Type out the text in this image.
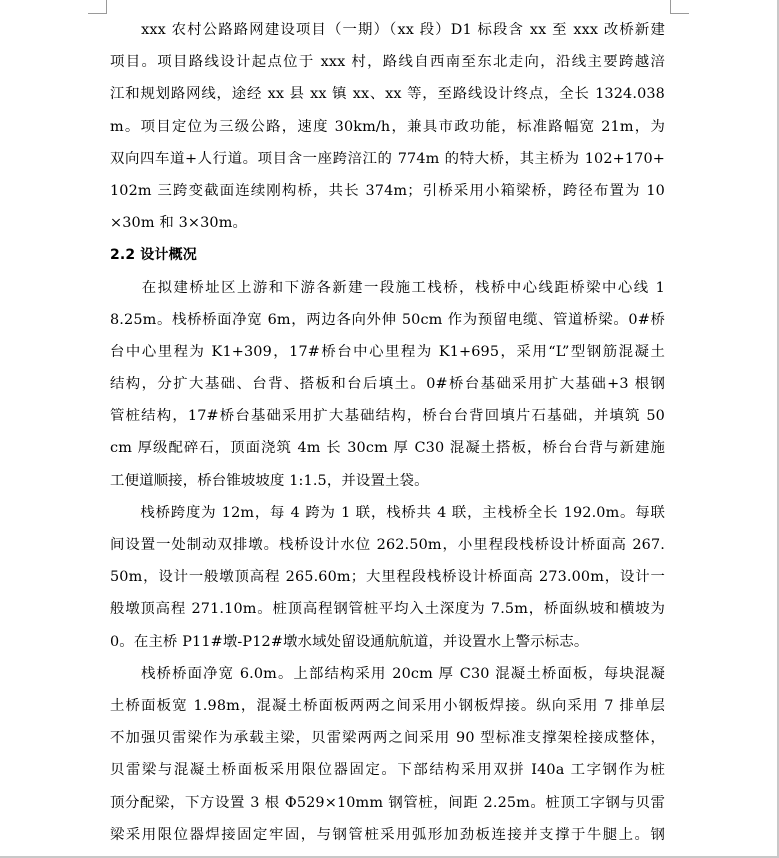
　　xxx 农村公路路网建设项目（一期）（xx 段）D1 标段含 xx 至 xxx 改桥新建
项目。项目路线设计起点位于 xxx 村，路线自西南至东北走向，沿线主要跨越涪
江和规划路网线，途经 xx 县 xx 镇 xx、xx 等，至路线设计终点，全长 1324.038
m。项目定位为三级公路，速度 30km/h，兼具市政功能，标准路幅宽 21m，为
双向四车道+人行道。项目含一座跨涪江的 774m 的特大桥，其主桥为 102+170+
102m 三跨变截面连续刚构桥，共长 374m；引桥采用小箱梁桥，跨径布置为 10
×30m 和 3×30m。
2.2 设计概况
　　在拟建桥址区上游和下游各新建一段施工栈桥，栈桥中心线距桥梁中心线 1
8.25m。栈桥桥面净宽 6m，两边各向外伸 50cm 作为预留电缆、管道桥梁。0#桥
台中心里程为 K1+309，17#桥台中心里程为 K1+695，采用“L”型钢筋混凝土
结构，分扩大基础、台背、搭板和台后填土。0#桥台基础采用扩大基础+3 根钢
管桩结构，17#桥台基础采用扩大基础结构，桥台台背回填片石基础，并填筑 50
cm 厚级配碎石，顶面浇筑 4m 长 30cm 厚 C30 混凝土搭板，桥台台背与新建施
工便道顺接，桥台锥坡坡度 1:1.5，并设置土袋。
　　栈桥跨度为 12m，每 4 跨为 1 联，栈桥共 4 联，主栈桥全长 192.0m。每联
间设置一处制动双排墩。栈桥设计水位 262.50m，小里程段栈桥设计桥面高 267.
50m，设计一般墩顶高程 265.60m；大里程段栈桥设计桥面高 273.00m，设计一
般墩顶高程 271.10m。桩顶高程钢管桩平均入土深度为 7.5m，桥面纵坡和横坡为
0。在主桥 P11#墩-P12#墩水域处留设通航航道，并设置水上警示标志。
　　栈桥桥面净宽 6.0m。上部结构采用 20cm 厚 C30 混凝土桥面板，每块混凝
土桥面板宽 1.98m，混凝土桥面板两两之间采用小钢板焊接。纵向采用 7 排单层
不加强贝雷梁作为承载主梁，贝雷梁两两之间采用 90 型标准支撑架栓接成整体，
贝雷梁与混凝土桥面板采用限位器固定。下部结构采用双拼 I40a 工字钢作为桩
顶分配梁，下方设置 3 根 Φ529×10mm 钢管桩，间距 2.25m。桩顶工字钢与贝雷
梁采用限位器焊接固定牢固，与钢管桩采用弧形加劲板连接并支撑于牛腿上。钢
